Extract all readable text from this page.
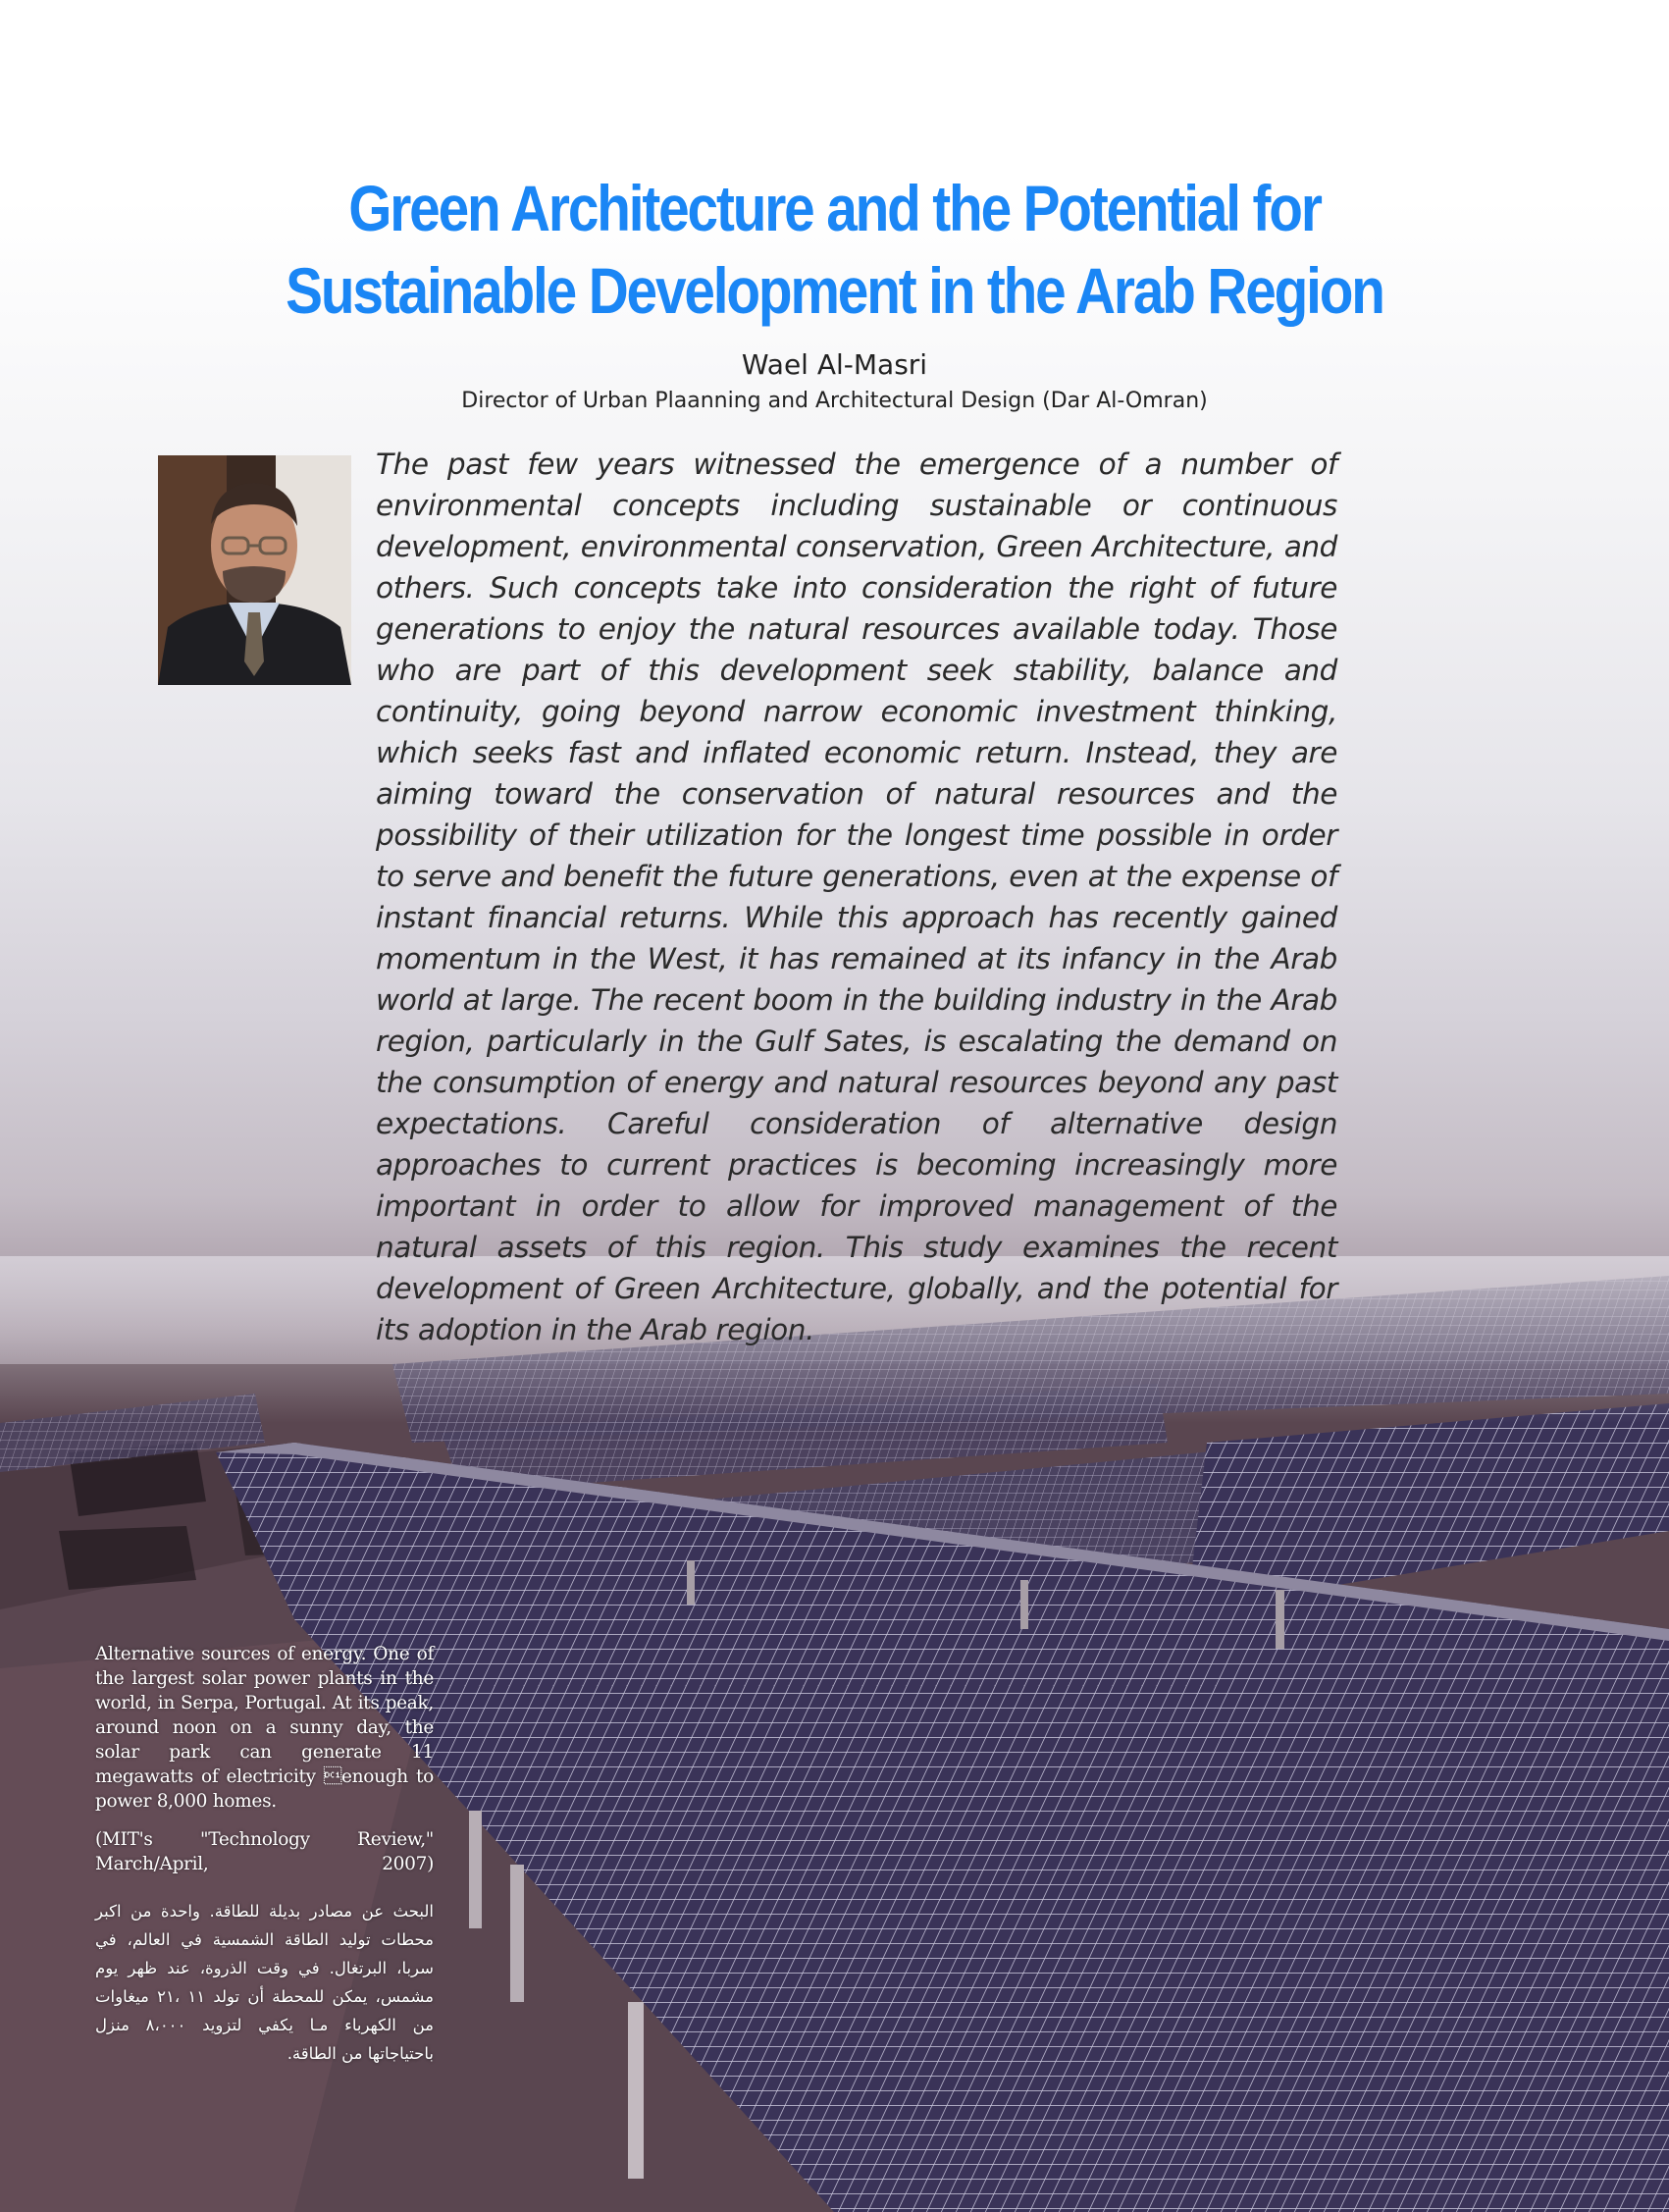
Green Architecture and the Potential for
Sustainable Development in the Arab Region
Wael Al-Masri
Director of Urban Plaanning and Architectural Design (Dar Al-Omran)

The past few years witnessed the emergence of a number of environmental concepts including sustainable or continuous development, environmental conservation, Green Architecture, and others. Such concepts take into consideration the right of future generations to enjoy the natural resources available today. Those who are part of this development seek stability, balance and continuity, going beyond narrow economic investment thinking, which seeks fast and inflated economic return. Instead, they are aiming toward the conservation of natural resources and the possibility of their utilization for the longest time possible in order to serve and benefit the future generations, even at the expense of instant financial returns. While this approach has recently gained momentum in the West, it has remained at its infancy in the Arab world at large. The recent boom in the building industry in the Arab region, particularly in the Gulf Sates, is escalating the demand on the consumption of energy and natural resources beyond any past expectations. Careful consideration of alternative design approaches to current practices is becoming increasingly more important in order to allow for improved management of the natural assets of this region. This study examines the recent development of Green Architecture, globally, and the potential for its adoption in the Arab region.

Alternative sources of energy. One of the largest solar power plants in the world, in Serpa, Portugal. At its peak, around noon on a sunny day, the solar park can generate 11 megawatts of electricity enough to power 8,000 homes.

(MIT's "Technology Review," March/April, 2007)

البحث عن مصادر بديلة للطاقة. واحدة من اكبر محطات توليد الطاقة الشمسية في العالم، في سربا، البرتغال. في وقت الذروة، عند ظهر يوم مشمس، يمكن للمحطة أن تولد ١١ ،٢١ ميغاوات من الكهرباء مـا يكفي لتزويد ٨،٠٠٠ منزل باحتياجاتها من الطاقة.
